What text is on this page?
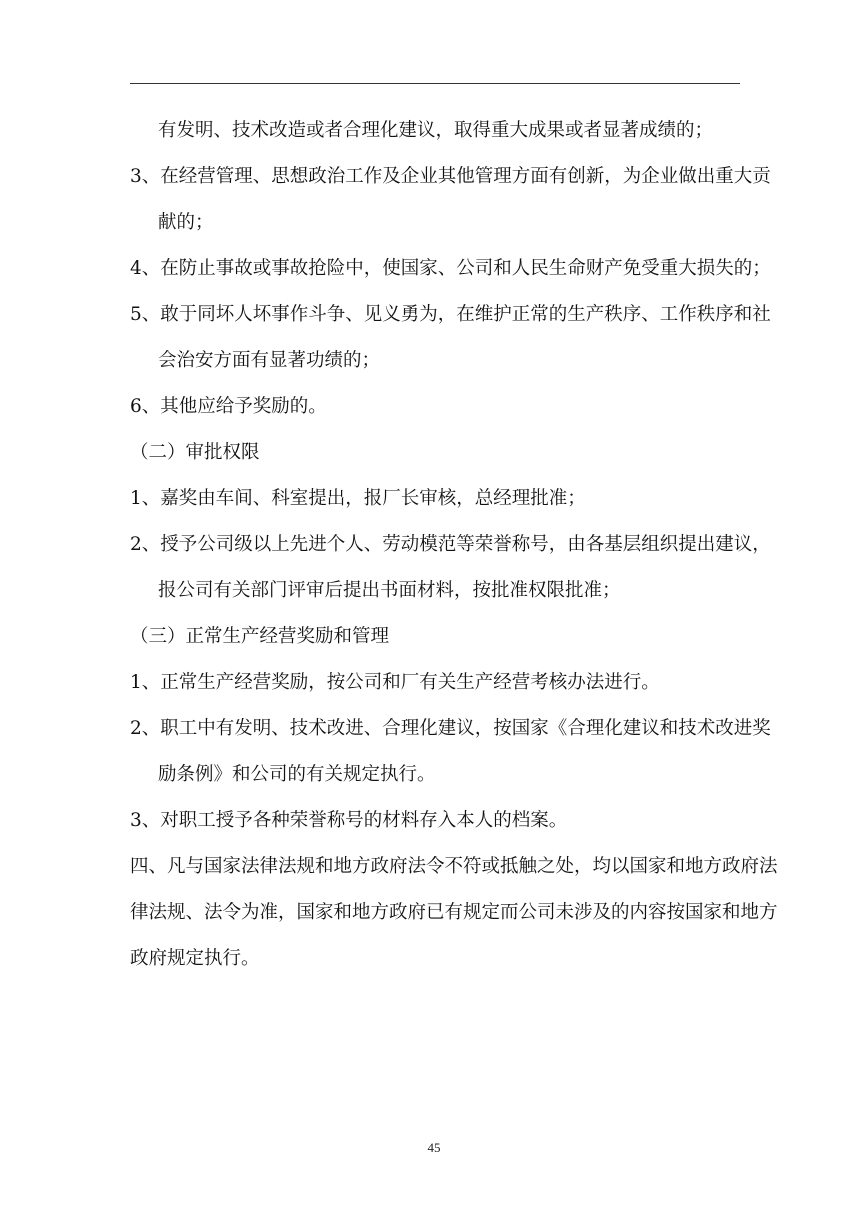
有发明、技术改造或者合理化建议，取得重大成果或者显著成绩的；
3、在经营管理、思想政治工作及企业其他管理方面有创新，为企业做出重大贡
献的；
4、在防止事故或事故抢险中，使国家、公司和人民生命财产免受重大损失的；
5、敢于同坏人坏事作斗争、见义勇为，在维护正常的生产秩序、工作秩序和社
会治安方面有显著功绩的；
6、其他应给予奖励的。
（二）审批权限
1、嘉奖由车间、科室提出，报厂长审核，总经理批准；
2、授予公司级以上先进个人、劳动模范等荣誉称号，由各基层组织提出建议，
报公司有关部门评审后提出书面材料，按批准权限批准；
（三）正常生产经营奖励和管理
1、正常生产经营奖励，按公司和厂有关生产经营考核办法进行。
2、职工中有发明、技术改进、合理化建议，按国家《合理化建议和技术改进奖
励条例》和公司的有关规定执行。
3、对职工授予各种荣誉称号的材料存入本人的档案。
四、凡与国家法律法规和地方政府法令不符或抵触之处，均以国家和地方政府法
律法规、法令为准，国家和地方政府已有规定而公司未涉及的内容按国家和地方
政府规定执行。
45
